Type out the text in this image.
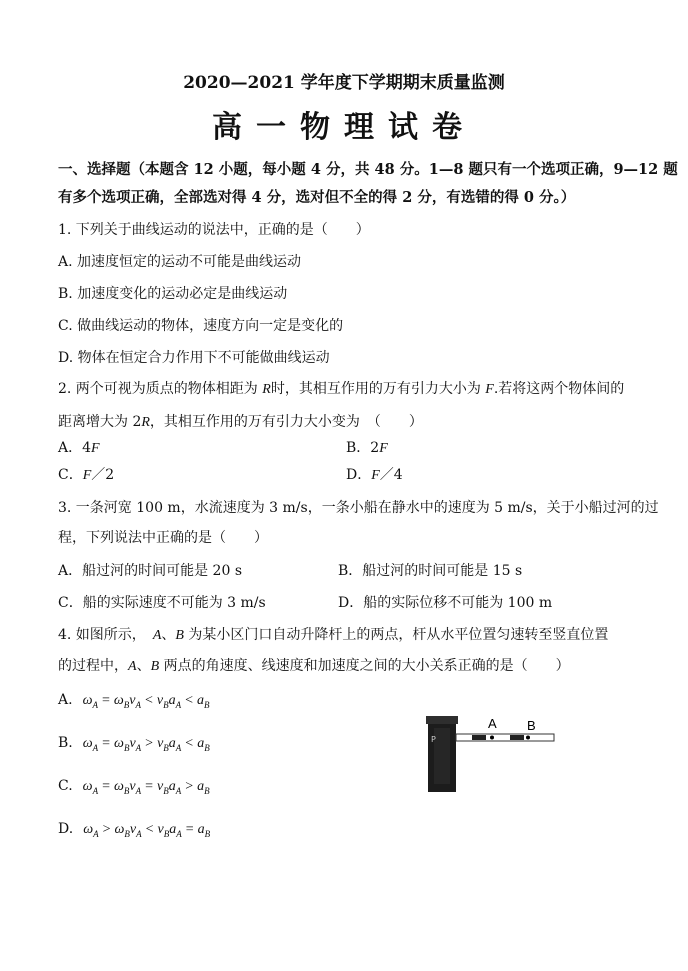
2020—2021 学年度下学期期末质量监测
高一物理试卷
一、选择题（本题含 12 小题，每小题 4 分，共 48 分。1—8 题只有一个选项正确，9—12 题
有多个选项正确，全部选对得 4 分，选对但不全的得 2 分，有选错的得 0 分。）
1. 下列关于曲线运动的说法中，正确的是（　　）
A. 加速度恒定的运动不可能是曲线运动
B. 加速度变化的运动必定是曲线运动
C. 做曲线运动的物体，速度方向一定是变化的
D. 物体在恒定合力作用下不可能做曲线运动
2. 两个可视为质点的物体相距为 R时，其相互作用的万有引力大小为 F.若将这两个物体间的
距离增大为 2R，其相互作用的万有引力大小变为　（　　）
A．4F	B．2F
C．F／2	D．F／4
3. 一条河宽 100 m，水流速度为 3 m/s，一条小船在静水中的速度为 5 m/s，关于小船过河的过
程，下列说法中正确的是（　　）
A．船过河的时间可能是 20 s	B．船过河的时间可能是 15 s
C．船的实际速度不可能为 3 m/s	D．船的实际位移不可能为 100 m
4. 如图所示，　A、B 为某小区门口自动升降杆上的两点，杆从水平位置匀速转至竖直位置
的过程中，A、B 两点的角速度、线速度和加速度之间的大小关系正确的是（　　）
A. $\omega_A = \omega_Bv_A < v_Ba_A < a_B$
B. $\omega_A = \omega_Bv_A > v_Ba_A < a_B$
C. $\omega_A = \omega_Bv_A = v_Ba_A > a_B$
D. $\omega_A > \omega_Bv_A < v_Ba_A = a_B$
P
A B
